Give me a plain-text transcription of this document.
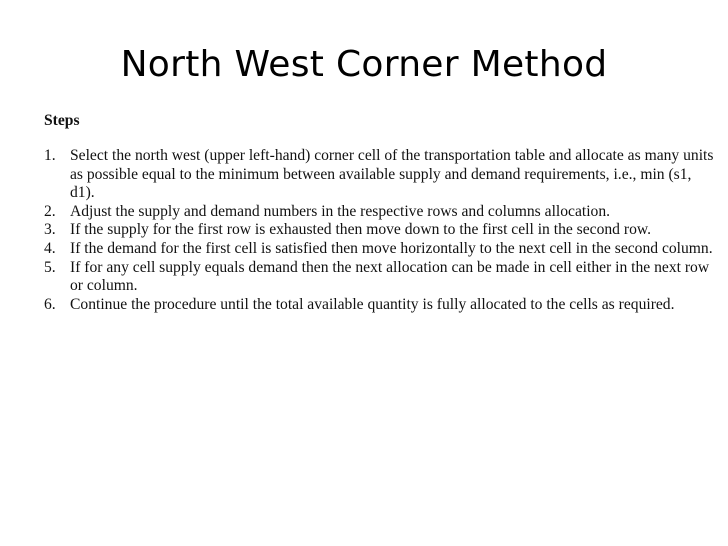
North West Corner Method
Steps
1. Select the north west (upper left-hand) corner cell of the transportation table and allocate as many units as possible equal to the minimum between available supply and demand requirements, i.e., min (s1, d1).
2. Adjust the supply and demand numbers in the respective rows and columns allocation.
3. If the supply for the first row is exhausted then move down to the first cell in the second row.
4. If the demand for the first cell is satisfied then move horizontally to the next cell in the second column.
5. If for any cell supply equals demand then the next allocation can be made in cell either in the next row or column.
6. Continue the procedure until the total available quantity is fully allocated to the cells as required.
